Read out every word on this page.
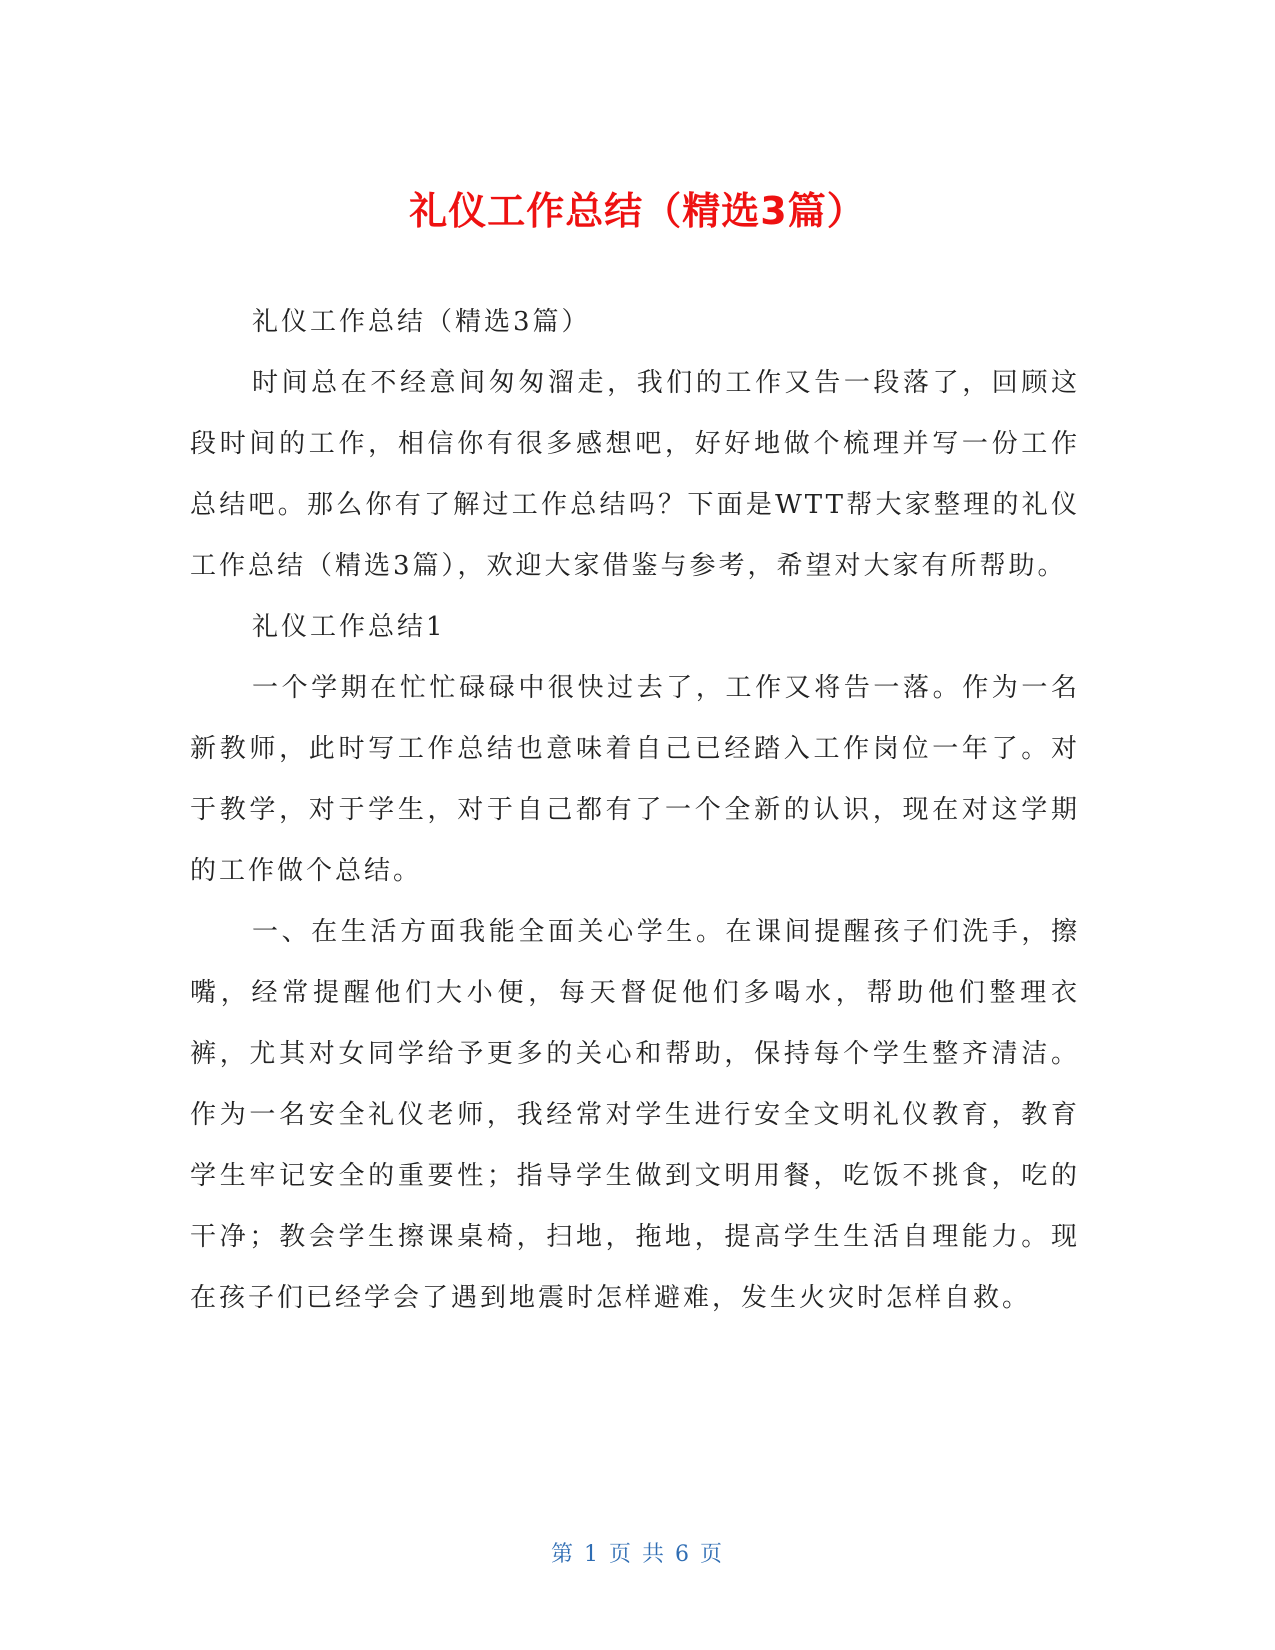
礼仪工作总结（精选3篇）

礼仪工作总结（精选3篇）

时间总在不经意间匆匆溜走，我们的工作又告一段落了，回顾这段时间的工作，相信你有很多感想吧，好好地做个梳理并写一份工作总结吧。那么你有了解过工作总结吗？下面是WTT帮大家整理的礼仪工作总结（精选3篇），欢迎大家借鉴与参考，希望对大家有所帮助。

礼仪工作总结1

一个学期在忙忙碌碌中很快过去了，工作又将告一落。作为一名新教师，此时写工作总结也意味着自己已经踏入工作岗位一年了。对于教学，对于学生，对于自己都有了一个全新的认识，现在对这学期的工作做个总结。

一、在生活方面我能全面关心学生。在课间提醒孩子们洗手，擦嘴，经常提醒他们大小便，每天督促他们多喝水，帮助他们整理衣裤，尤其对女同学给予更多的关心和帮助，保持每个学生整齐清洁。作为一名安全礼仪老师，我经常对学生进行安全文明礼仪教育，教育学生牢记安全的重要性；指导学生做到文明用餐，吃饭不挑食，吃的干净；教会学生擦课桌椅，扫地，拖地，提高学生生活自理能力。现在孩子们已经学会了遇到地震时怎样避难，发生火灾时怎样自救。

第 1 页 共 6 页
